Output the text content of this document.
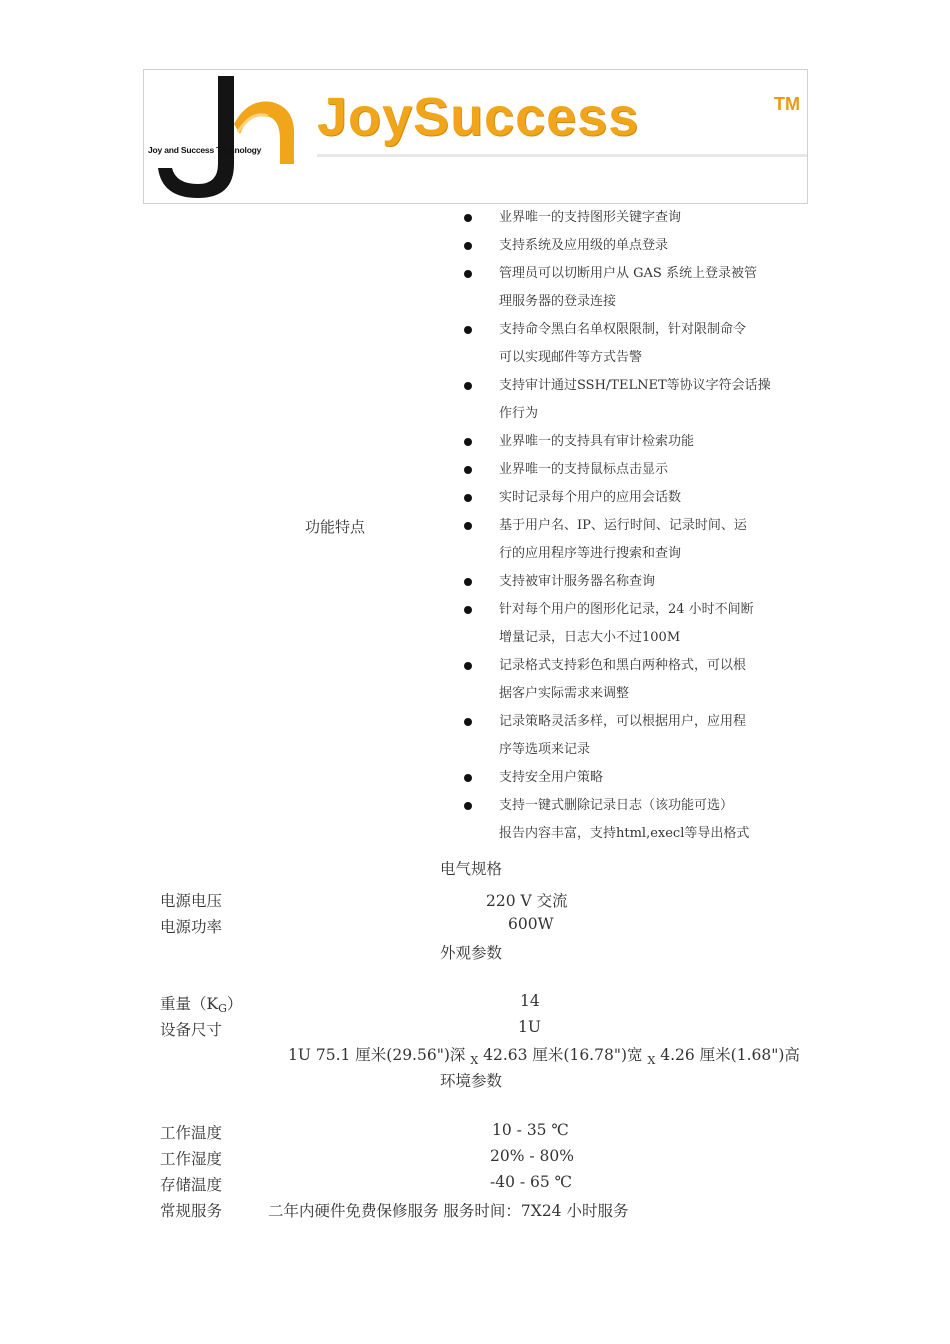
Joy and Success Technology
JoySuccess	TM
功能特点
业界唯一的支持图形关键字查询
支持系统及应用级的单点登录
管理员可以切断用户从 GAS 系统上登录被管
理服务器的登录连接
支持命令黑白名单权限限制，针对限制命令
可以实现邮件等方式告警
支持审计通过SSH/TELNET等协议字符会话操
作行为
业界唯一的支持具有审计检索功能
业界唯一的支持鼠标点击显示
实时记录每个用户的应用会话数
基于用户名、IP、运行时间、记录时间、运
行的应用程序等进行搜索和查询
支持被审计服务器名称查询
针对每个用户的图形化记录，24 小时不间断
增量记录，日志大小不过100M
记录格式支持彩色和黑白两种格式，可以根
据客户实际需求来调整
记录策略灵活多样，可以根据用户，应用程
序等选项来记录
支持安全用户策略
支持一键式删除记录日志（该功能可选）
报告内容丰富，支持html,execl等导出格式
电气规格
电源电压	220 V 交流
电源功率	600W
外观参数
重量$(K_G)$	14
设备尺寸	1U
1U 75.1 厘米(29.56")深 $_X$ 42.63 厘米(16.78")宽 $_X$ 4.26 厘米(1.68")高
环境参数
工作温度	10 - 35 ℃
工作湿度	20% - 80%
存储温度	-40 - 65 ℃
常规服务	二年内硬件免费保修服务 服务时间：7X24 小时服务
